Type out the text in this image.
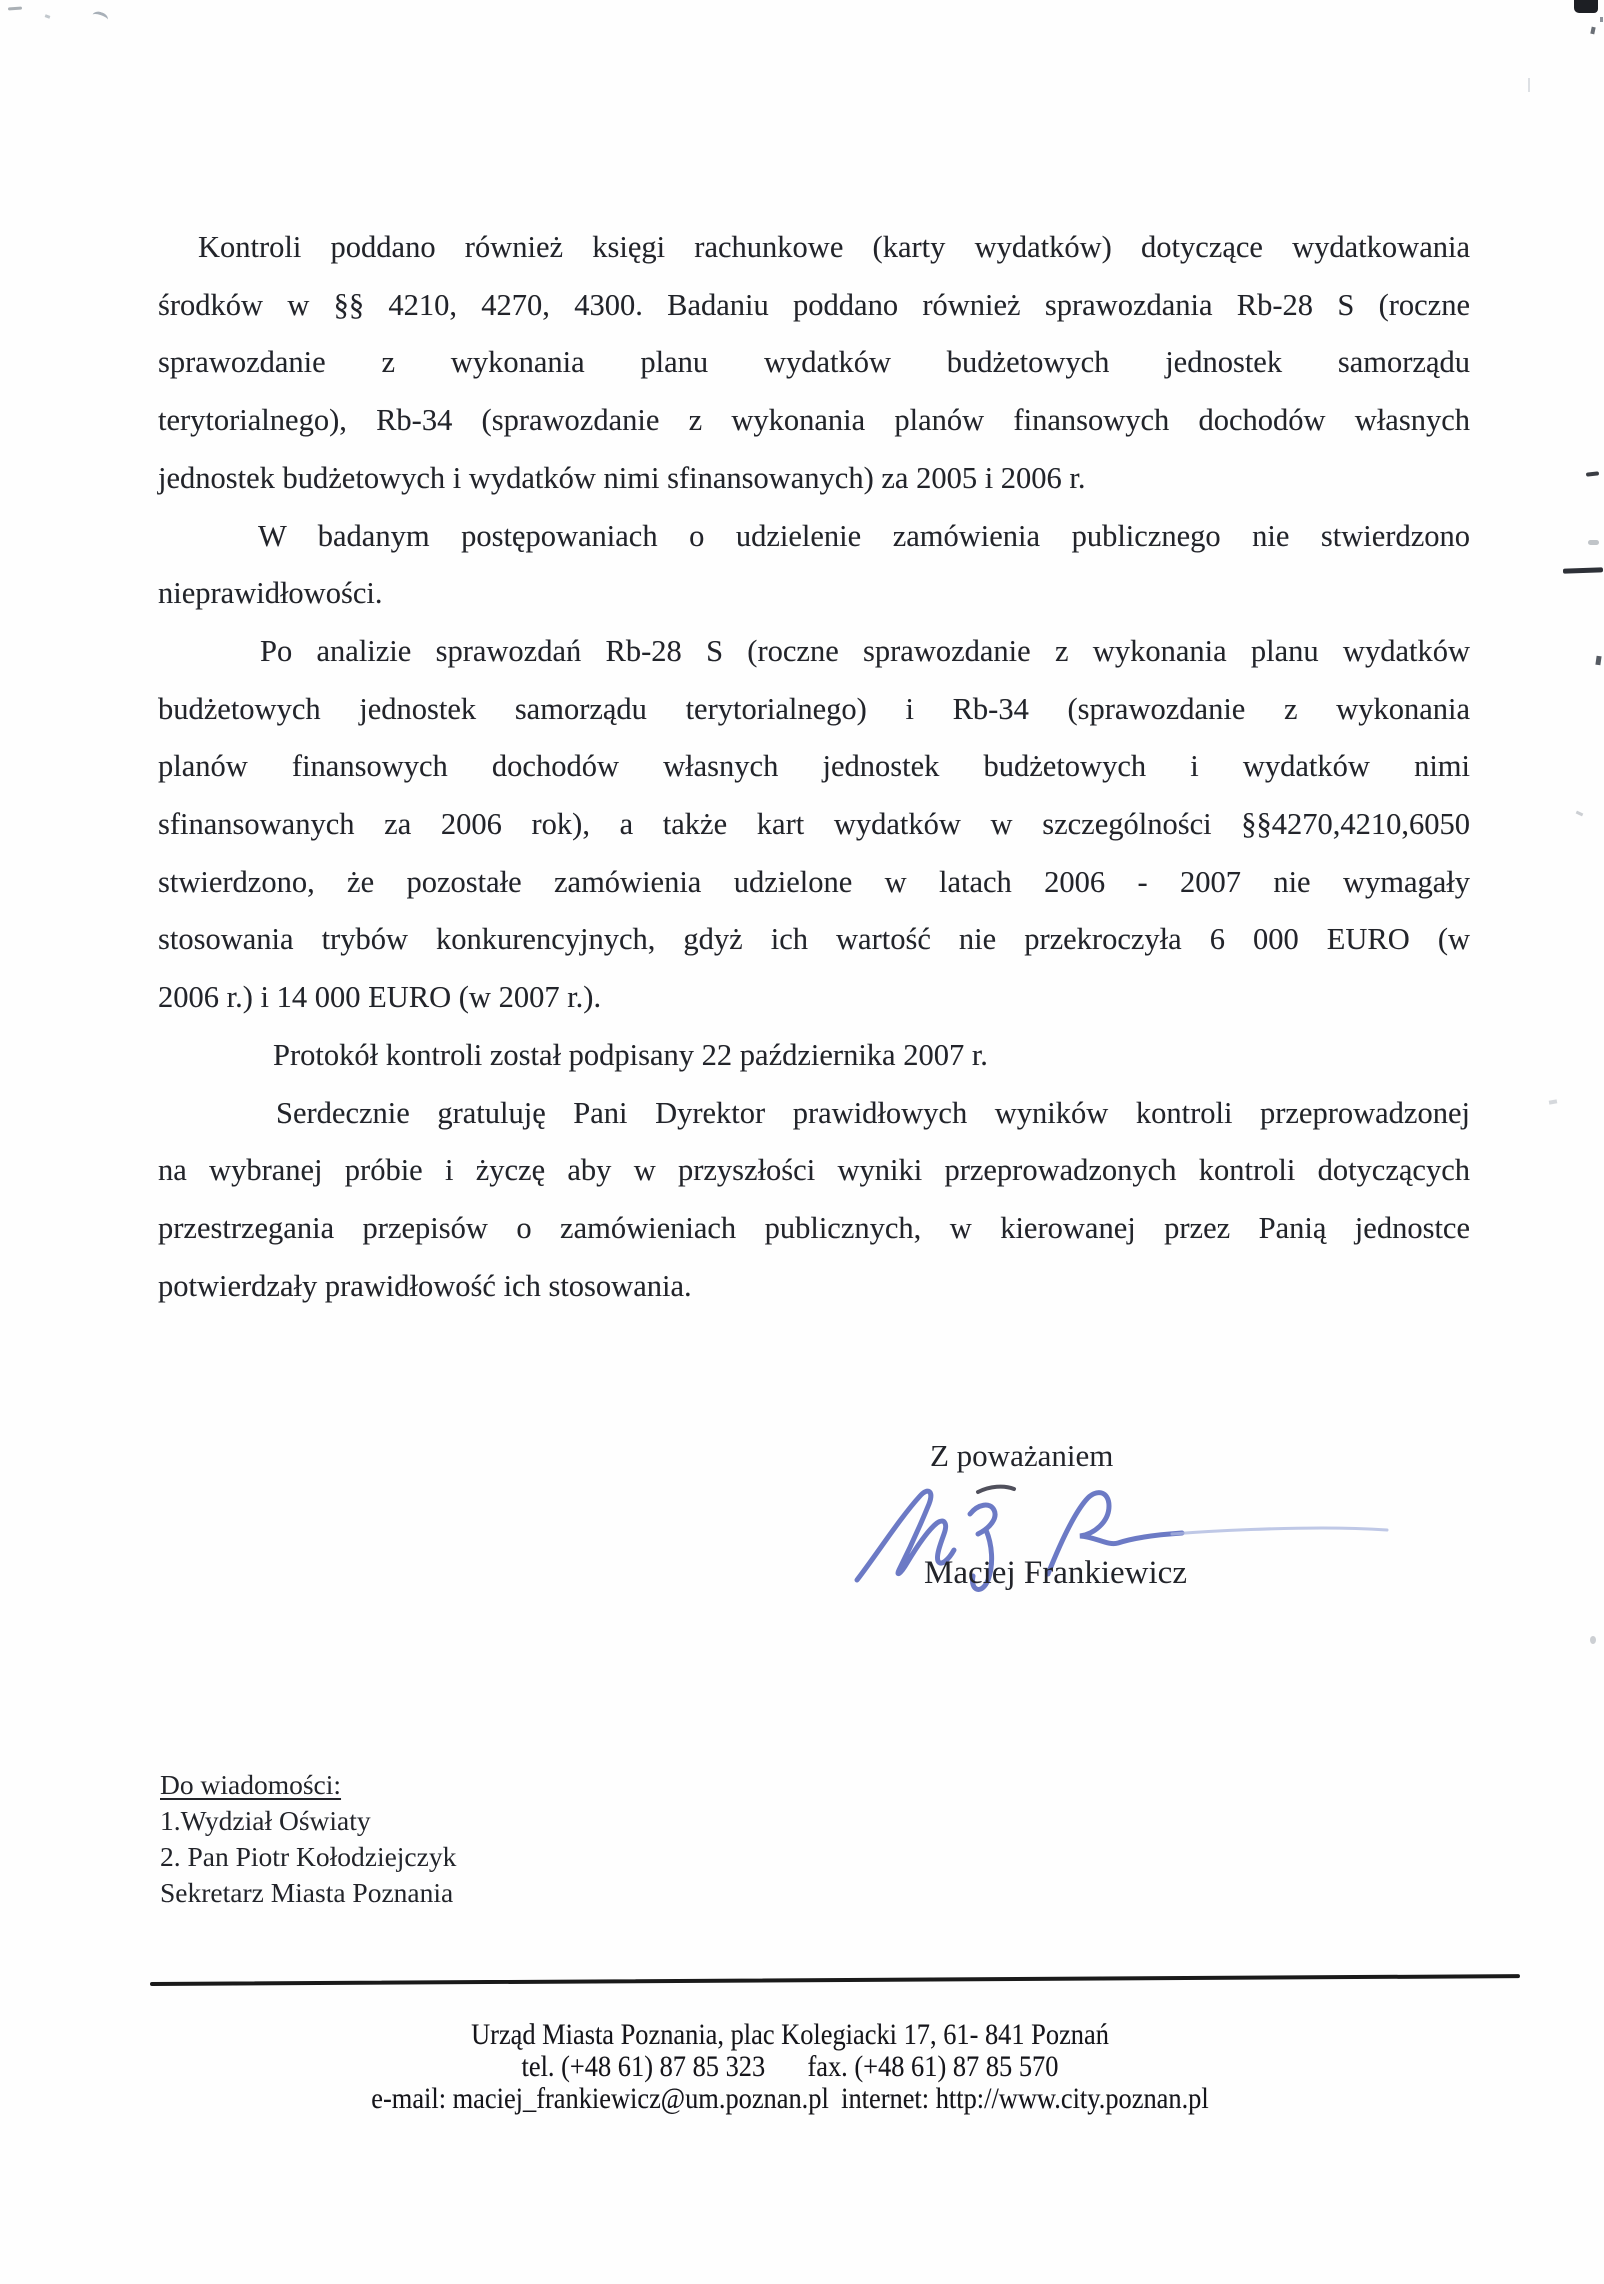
Kontroli poddano również księgi rachunkowe (karty wydatków) dotyczące wydatkowania
środków w §§ 4210, 4270, 4300. Badaniu poddano również sprawozdania Rb-28 S (roczne
sprawozdanie z wykonania planu wydatków budżetowych jednostek samorządu
terytorialnego), Rb-34 (sprawozdanie z wykonania planów finansowych dochodów własnych
jednostek budżetowych i wydatków nimi sfinansowanych) za 2005 i 2006 r.
W badanym postępowaniach o udzielenie zamówienia publicznego nie stwierdzono
nieprawidłowości.
Po analizie sprawozdań Rb-28 S (roczne sprawozdanie z wykonania planu wydatków
budżetowych jednostek samorządu terytorialnego) i Rb-34 (sprawozdanie z wykonania
planów finansowych dochodów własnych jednostek budżetowych i wydatków nimi
sfinansowanych za 2006 rok), a także kart wydatków w szczególności §§4270,4210,6050
stwierdzono, że pozostałe zamówienia udzielone w latach 2006 - 2007 nie wymagały
stosowania trybów konkurencyjnych, gdyż ich wartość nie przekroczyła 6 000 EURO (w
2006 r.) i 14 000 EURO (w 2007 r.).
Protokół kontroli został podpisany 22 października 2007 r.
Serdecznie gratuluję Pani Dyrektor prawidłowych wyników kontroli przeprowadzonej
na wybranej próbie i życzę aby w przyszłości wyniki przeprowadzonych kontroli dotyczących
przestrzegania przepisów o zamówieniach publicznych, w kierowanej przez Panią jednostce
potwierdzały prawidłowość ich stosowania.
Z poważaniem
Maciej Frankiewicz
Do wiadomości:
1.Wydział Oświaty
2. Pan Piotr Kołodziejczyk
Sekretarz Miasta Poznania
Urząd Miasta Poznania, plac Kolegiacki 17, 61- 841 Poznań
tel. (+48 61) 87 85 323 fax. (+48 61) 87 85 570
e-mail: maciej_frankiewicz@um.poznan.pl internet: http://www.city.poznan.pl
